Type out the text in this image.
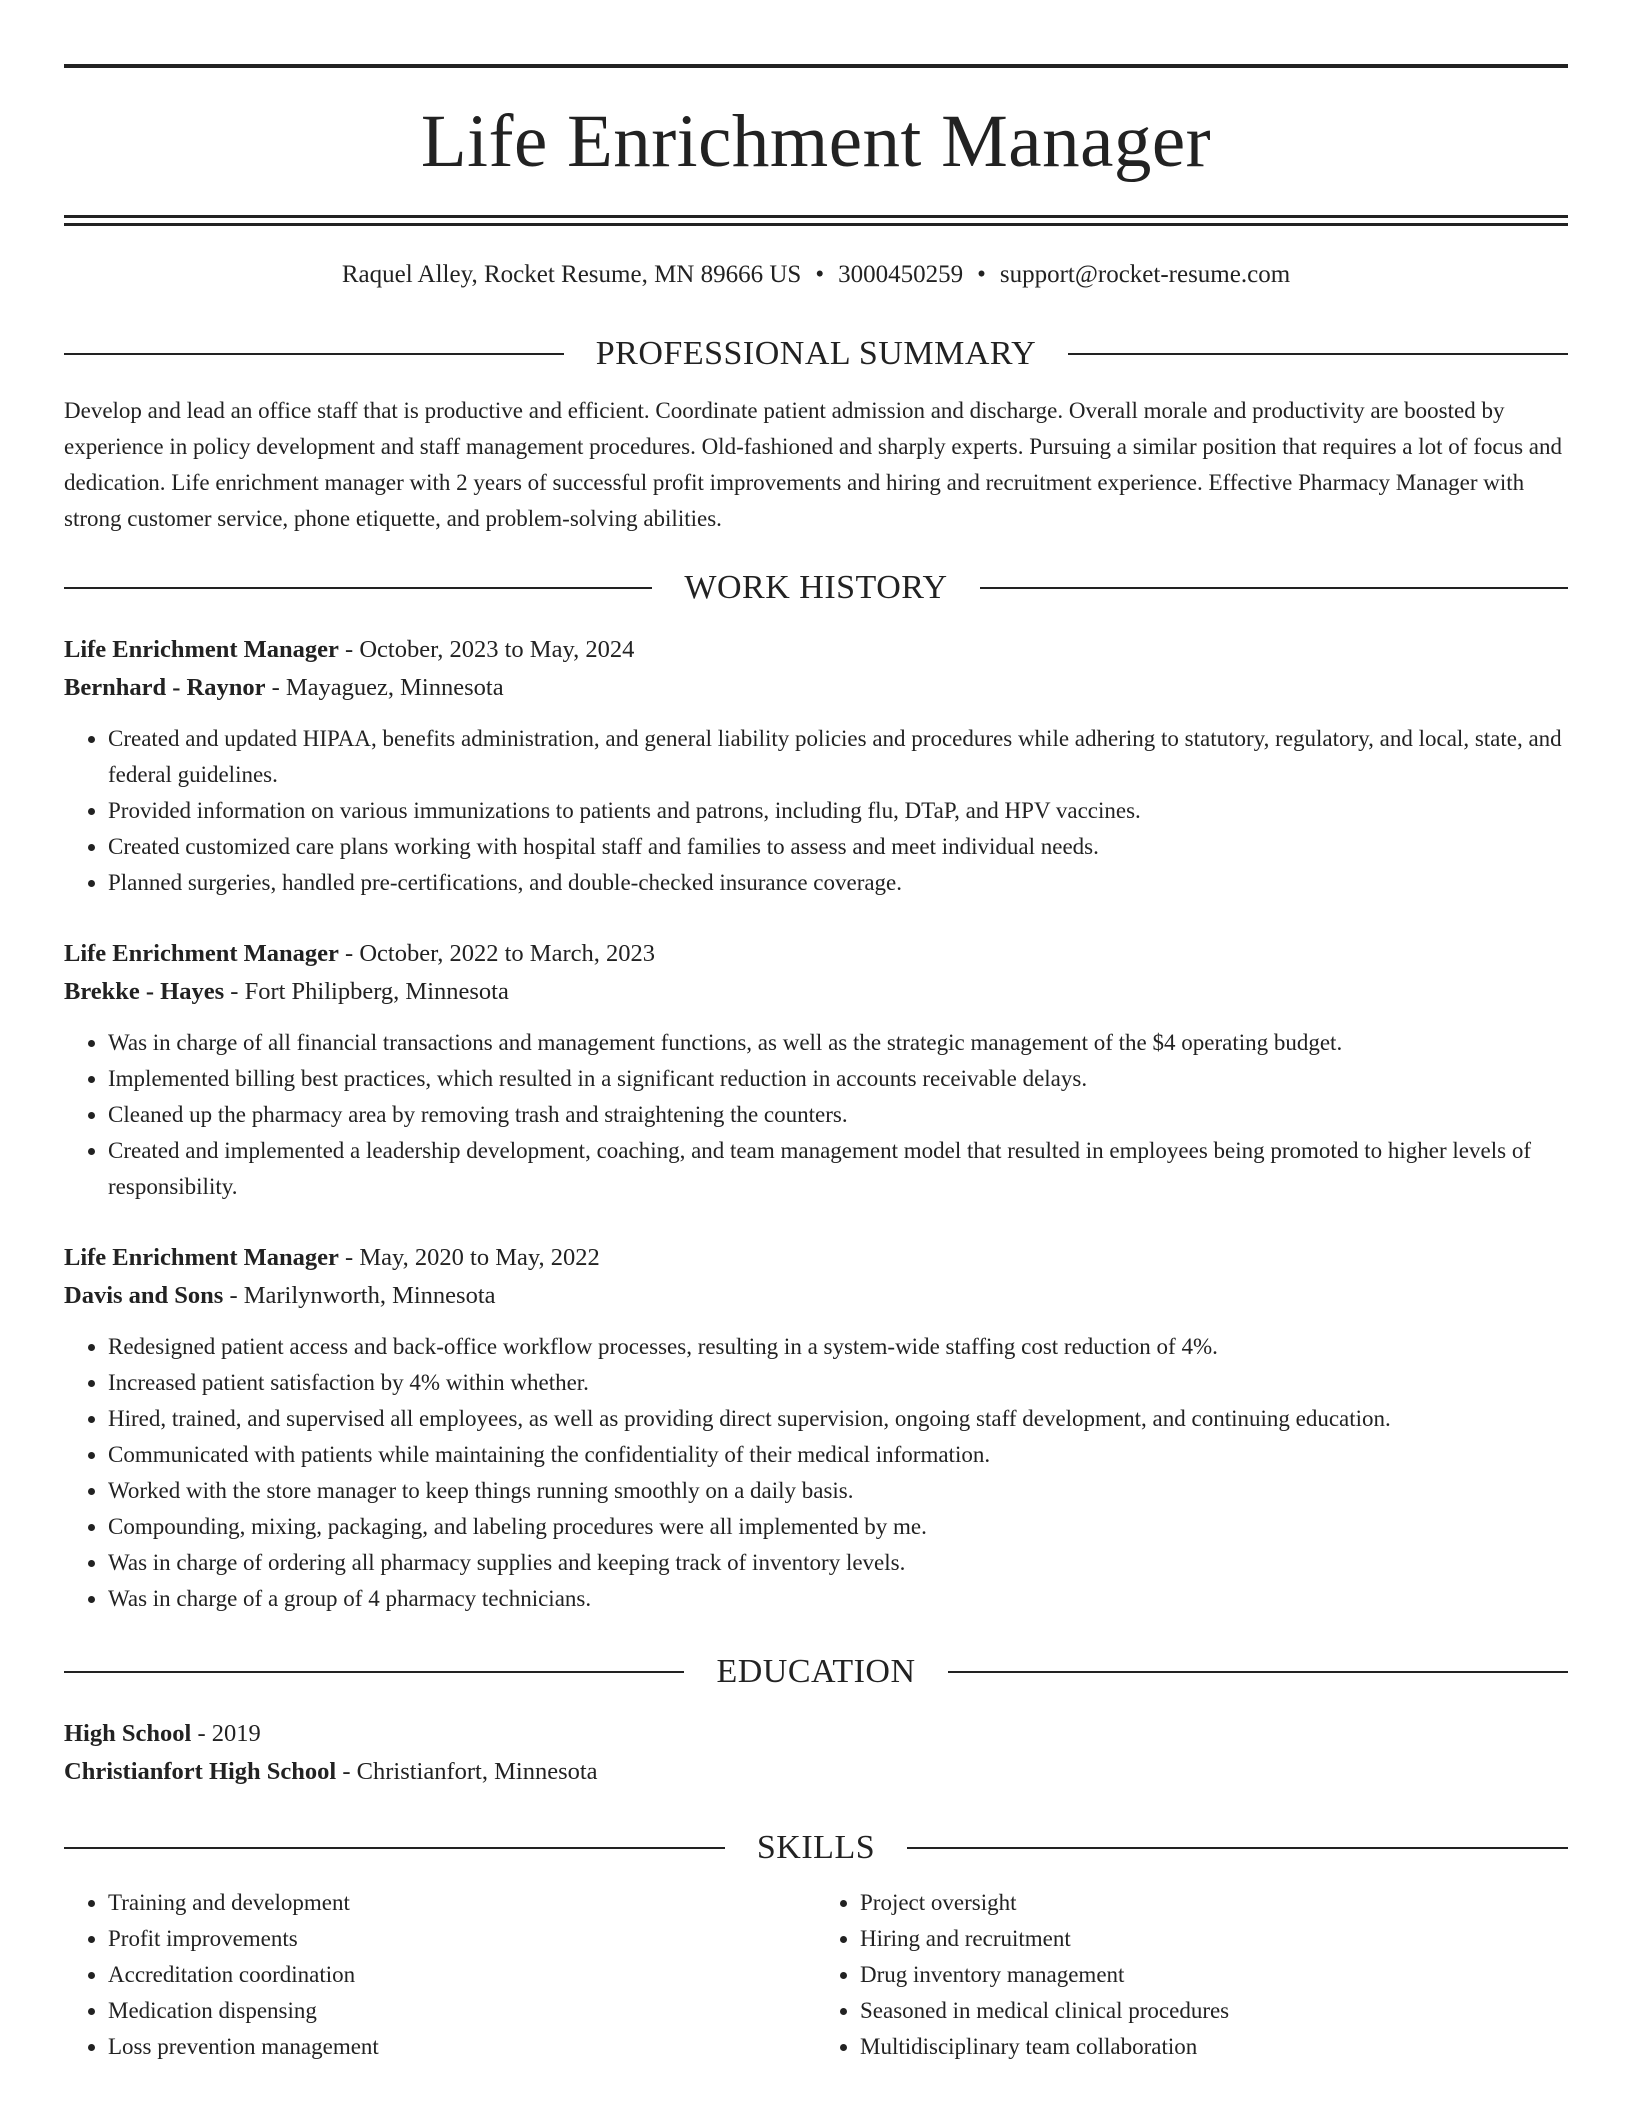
Life Enrichment Manager
Raquel Alley, Rocket Resume, MN 89666 US • 3000450259 • support@rocket-resume.com
PROFESSIONAL SUMMARY

Develop and lead an office staff that is productive and efficient. Coordinate patient admission and discharge. Overall morale and productivity are boosted by experience in policy development and staff management procedures. Old-fashioned and sharply experts. Pursuing a similar position that requires a lot of focus and dedication. Life enrichment manager with 2 years of successful profit improvements and hiring and recruitment experience. Effective Pharmacy Manager with strong customer service, phone etiquette, and problem-solving abilities.

WORK HISTORY
Life Enrichment Manager - October, 2023 to May, 2024
Bernhard - Raynor - Mayaguez, Minnesota
• Created and updated HIPAA, benefits administration, and general liability policies and procedures while adhering to statutory, regulatory, and local, state, and federal guidelines.
• Provided information on various immunizations to patients and patrons, including flu, DTaP, and HPV vaccines.
• Created customized care plans working with hospital staff and families to assess and meet individual needs.
• Planned surgeries, handled pre-certifications, and double-checked insurance coverage.
Life Enrichment Manager - October, 2022 to March, 2023
Brekke - Hayes - Fort Philipberg, Minnesota
• Was in charge of all financial transactions and management functions, as well as the strategic management of the $4 operating budget.
• Implemented billing best practices, which resulted in a significant reduction in accounts receivable delays.
• Cleaned up the pharmacy area by removing trash and straightening the counters.
• Created and implemented a leadership development, coaching, and team management model that resulted in employees being promoted to higher levels of responsibility.
Life Enrichment Manager - May, 2020 to May, 2022
Davis and Sons - Marilynworth, Minnesota
• Redesigned patient access and back-office workflow processes, resulting in a system-wide staffing cost reduction of 4%.
• Increased patient satisfaction by 4% within whether.
• Hired, trained, and supervised all employees, as well as providing direct supervision, ongoing staff development, and continuing education.
• Communicated with patients while maintaining the confidentiality of their medical information.
• Worked with the store manager to keep things running smoothly on a daily basis.
• Compounding, mixing, packaging, and labeling procedures were all implemented by me.
• Was in charge of ordering all pharmacy supplies and keeping track of inventory levels.
• Was in charge of a group of 4 pharmacy technicians.
EDUCATION
High School - 2019
Christianfort High School - Christianfort, Minnesota
SKILLS
• Training and development
• Profit improvements
• Accreditation coordination
• Medication dispensing
• Loss prevention management
• Project oversight
• Hiring and recruitment
• Drug inventory management
• Seasoned in medical clinical procedures
• Multidisciplinary team collaboration
